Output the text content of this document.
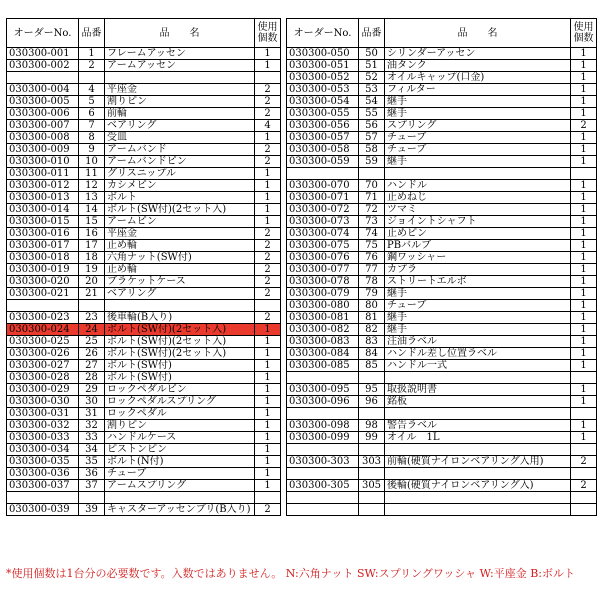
オーダーNo.	品番	品　　名	使用
個数
030300-001	1	フレームアッセン	1
030300-002	2	アームアッセン	1

030300-004	4	平座金	2
030300-005	5	割りピン	2
030300-006	6	前輪	2
030300-007	7	ベアリング	4
030300-008	8	受皿	1
030300-009	9	アームバンド	2
030300-010	10	アームバンドピン	2
030300-011	11	グリスニップル	1
030300-012	12	カシメピン	1
030300-013	13	ボルト	1
030300-014	14	ボルト(SW付)(2セット入)	1
030300-015	15	アームピン	1
030300-016	16	平座金	2
030300-017	17	止め輪	2
030300-018	18	六角ナット(SW付)	2
030300-019	19	止め輪	2
030300-020	20	ブラケットケース	2
030300-021	21	ベアリング	2

030300-023	23	後車輪(B入り)	2
030300-024	24	ボルト(SW付)(2セット入)	1
030300-025	25	ボルト(SW付)(2セット入)	1
030300-026	26	ボルト(SW付)(2セット入)	1
030300-027	27	ボルト(SW付)	1
030300-028	28	ボルト(SW付)	1
030300-029	29	ロックペダルピン	1
030300-030	30	ロックペダルスプリング	1
030300-031	31	ロックペダル	1
030300-032	32	割りピン	1
030300-033	33	ハンドルケース	1
030300-034	34	ピストンピン	1
030300-035	35	ボルト(N付)	1
030300-036	36	チューブ	1
030300-037	37	アームスプリング	1

030300-039	39	キャスターアッセンブリ(B入り)	2
オーダーNo.	品番	品　　名	使用
個数
030300-050	50	シリンダーアッセン	1
030300-051	51	油タンク	1
030300-052	52	オイルキャップ(口金)	1
030300-053	53	フィルター	1
030300-054	54	継手	1
030300-055	55	継手	1
030300-056	56	スプリング	2
030300-057	57	チューブ	1
030300-058	58	チューブ	1
030300-059	59	継手	1

030300-070	70	ハンドル	1
030300-071	71	止めねじ	1
030300-072	72	ツマミ	1
030300-073	73	ジョイントシャフト	1
030300-074	74	止めピン	1
030300-075	75	PBバルブ	1
030300-076	76	鋼ワッシャー	1
030300-077	77	カプラ	1
030300-078	78	ストリートエルボ	1
030300-079	79	継手	1
030300-080	80	チューブ	1
030300-081	81	継手	1
030300-082	82	継手	1
030300-083	83	注油ラベル	1
030300-084	84	ハンドル差し位置ラベル	1
030300-085	85	ハンドル一式	1

030300-095	95	取扱説明書	1
030300-096	96	銘板	1

030300-098	98	警告ラベル	1
030300-099	99	オイル　1L	1

030300-303	303	前輪(硬質ナイロンベアリング入用)	2

030300-305	305	後輪(硬質ナイロンベアリング入)	2

*使用個数は1台分の必要数です。入数ではありません。 N:六角ナット SW:スプリングワッシャ W:平座金 B:ボルト
